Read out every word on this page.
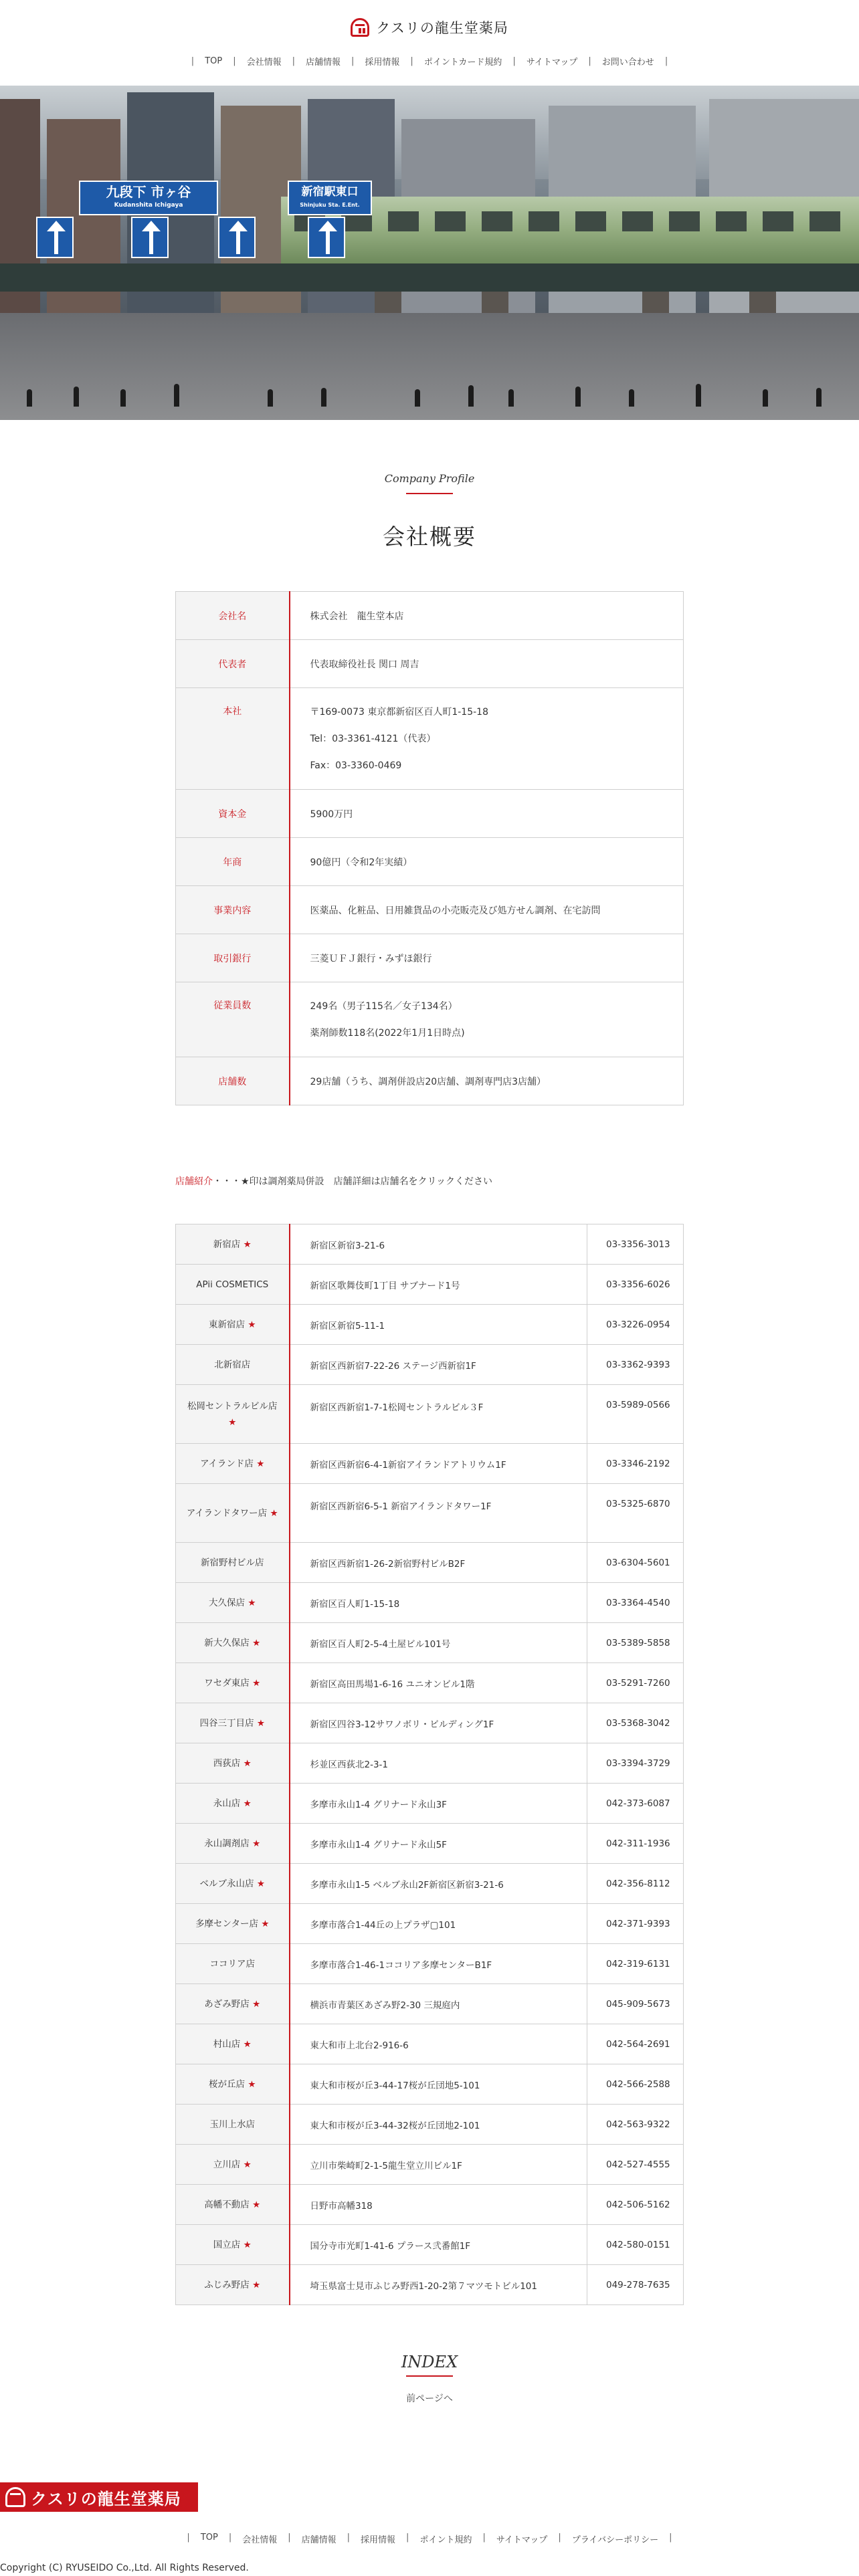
クスリの龍生堂薬局
| TOP | 会社情報 | 店舗情報 | 採用情報 | ポイントカード規約 | サイトマップ | お問い合わせ |
九段下 市ヶ谷
Kudanshita Ichigaya
新宿駅東口
Shinjuku Sta. E.Ent.
Company Profile
会社概要
会社名	株式会社　龍生堂本店
代表者	代表取締役社長 関口 周吉
本社	〒169-0073 東京都新宿区百人町1-15-18
Tel：03-3361-4121（代表）
Fax：03-3360-0469

資本金	5900万円
年商	90億円（令和2年実績）
事業内容	医薬品、化粧品、日用雑貨品の小売販売及び処方せん調剤、在宅訪問
取引銀行	三菱ＵＦＪ銀行・みずほ銀行
従業員数	249名（男子115名／女子134名）
薬剤師数118名(2022年1月1日時点)

店舗数	29店舗（うち、調剤併設店20店舗、調剤専門店3店舗）
店舗紹介・・・★印は調剤薬局併設　店舗詳細は店舗名をクリックください
新宿店 ★	新宿区新宿3-21-6	03-3356-3013
APii COSMETICS	新宿区歌舞伎町1丁目 サブナード1号	03-3356-6026
東新宿店 ★	新宿区新宿5-11-1	03-3226-0954
北新宿店	新宿区西新宿7-22-26 ステージ西新宿1F	03-3362-9393
松岡セントラルビル店 ★	新宿区西新宿1-7-1松岡セントラルビル３F	03-5989-0566
アイランド店 ★	新宿区西新宿6-4-1新宿アイランドアトリウム1F	03-3346-2192
アイランドタワー店 ★	新宿区西新宿6-5-1 新宿アイランドタワー1F	03-5325-6870
新宿野村ビル店	新宿区西新宿1-26-2新宿野村ビルB2F	03-6304-5601
大久保店 ★	新宿区百人町1-15-18	03-3364-4540
新大久保店 ★	新宿区百人町2-5-4土屋ビル101号	03-5389-5858
ワセダ東店 ★	新宿区高田馬場1-6-16 ユニオンビル1階	03-5291-7260
四谷三丁目店 ★	新宿区四谷3-12サワノボリ・ビルディング1F	03-5368-3042
西荻店 ★	杉並区西荻北2-3-1	03-3394-3729
永山店 ★	多摩市永山1-4 グリナード永山3F	042-373-6087
永山調剤店 ★	多摩市永山1-4 グリナード永山5F	042-311-1936
ベルブ永山店 ★	多摩市永山1-5 ベルブ永山2F新宿区新宿3-21-6	042-356-8112
多摩センター店 ★	多摩市落合1-44丘の上プラザ▢101	042-371-9393
ココリア店	多摩市落合1-46-1ココリア多摩センターB1F	042-319-6131
あざみ野店 ★	横浜市青葉区あざみ野2-30 三規庭内	045-909-5673
村山店 ★	東大和市上北台2-916-6	042-564-2691
桜が丘店 ★	東大和市桜が丘3-44-17桜が丘団地5-101	042-566-2588
玉川上水店	東大和市桜が丘3-44-32桜が丘団地2-101	042-563-9322
立川店 ★	立川市柴崎町2-1-5龍生堂立川ビル1F	042-527-4555
高幡不動店 ★	日野市高幡318	042-506-5162
国立店 ★	国分寺市光町1-41-6 プラース弐番館1F	042-580-0151
ふじみ野店 ★	埼玉県富士見市ふじみ野西1-20-2第７マツモトビル101	049-278-7635
INDEX
前ページへ
クスリの龍生堂薬局
| TOP | 会社情報 | 店舗情報 | 採用情報 | ポイント規約 | サイトマップ | プライバシーポリシー |
Copyright (C) RYUSEIDO Co.,Ltd. All Rights Reserved.
